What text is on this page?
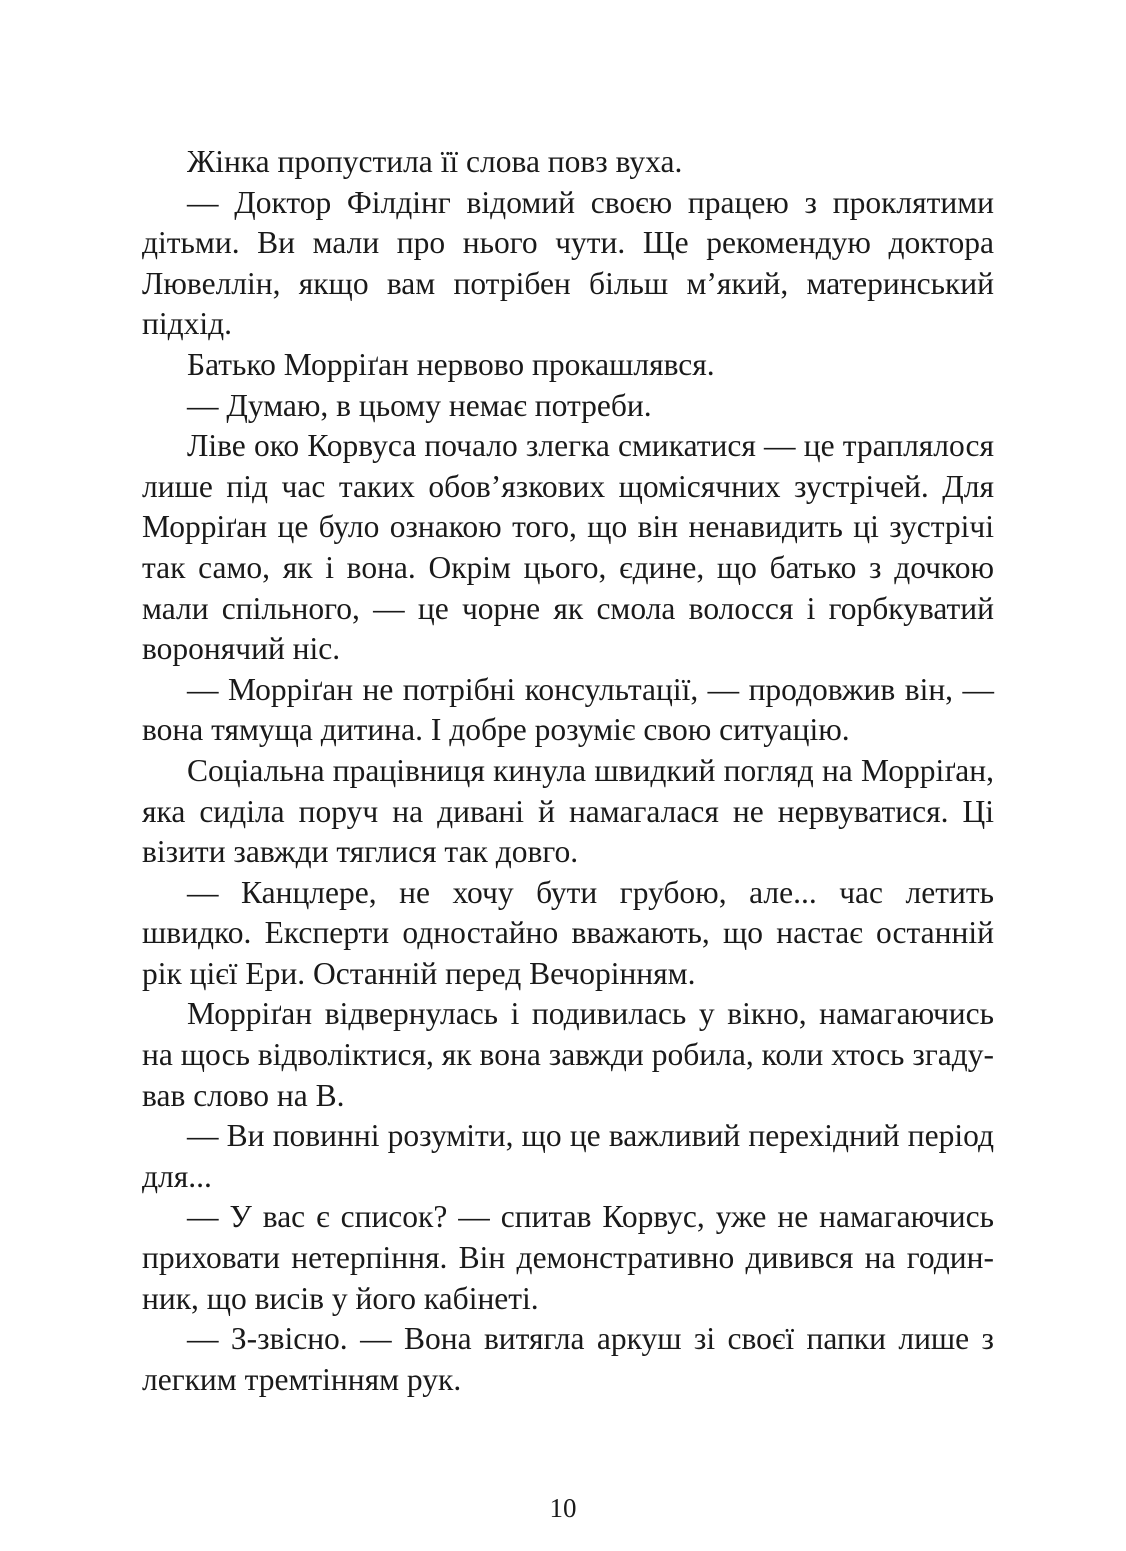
Жінка пропустила її слова повз вуха.

— Доктор Філдінг відомий своєю працею з проклятими дітьми. Ви мали про нього чути. Ще рекомендую доктора Лювеллін, якщо вам потрібен більш м’який, материнський підхід.

Батько Морріґан нервово прокашлявся.

— Думаю, в цьому немає потреби.

Ліве око Корвуса почало злегка смикатися — це траплялося лише під час таких обов’язкових щомісячних зустрічей. Для Морріґан це було ознакою того, що він ненавидить ці зустрічі так само, як і вона. Окрім цього, єдине, що батько з дочкою мали спільного, — це чорне як смола волосся і горбкуватий воронячий ніс.

— Морріґан не потрібні консультації, — продовжив він, — вона тямуща дитина. І добре розуміє свою ситуацію.

Соціальна працівниця кинула швидкий погляд на Морріґан, яка сиділа поруч на дивані й намагалася не нервуватися. Ці візити завжди тяглися так довго.

— Канцлере, не хочу бути грубою, але... час летить швидко. Експерти одностайно вважають, що настає останній рік цієї Ери. Останній перед Вечорінням.

Морріґан відвернулась і подивилась у вікно, намагаючись на щось відволіктися, як вона завжди робила, коли хтось згадував слово на В.

— Ви повинні розуміти, що це важливий перехідний період для...

— У вас є список? — спитав Корвус, уже не намагаючись приховати нетерпіння. Він демонстративно дивився на годинник, що висів у його кабінеті.

— З-звісно. — Вона витягла аркуш зі своєї папки лише з легким тремтінням рук.

10
